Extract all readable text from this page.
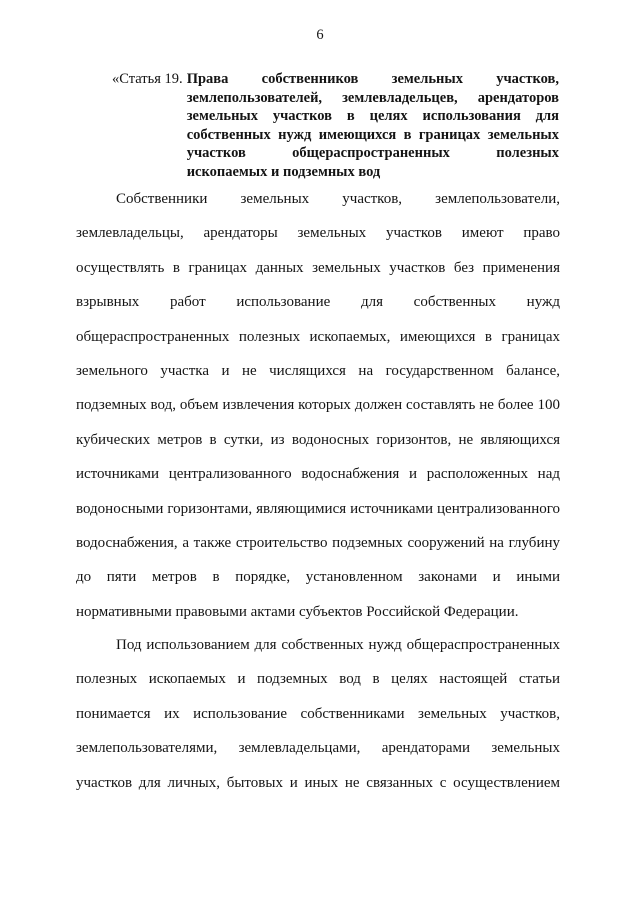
6
«Статья 19. Права собственников земельных участков,
землепользователей, землевладельцев, арендаторов
земельных участков в целях использования для
собственных нужд имеющихся в границах земельных
участков общераспространенных полезных
ископаемых и подземных вод
Собственники земельных участков, землепользователи,
землевладельцы, арендаторы земельных участков имеют право
осуществлять в границах данных земельных участков без применения
взрывных работ использование для собственных нужд
общераспространенных полезных ископаемых, имеющихся в границах
земельного участка и не числящихся на государственном балансе,
подземных вод, объем извлечения которых должен составлять не более 100
кубических метров в сутки, из водоносных горизонтов, не являющихся
источниками централизованного водоснабжения и расположенных над
водоносными горизонтами, являющимися источниками централизованного
водоснабжения, а также строительство подземных сооружений на глубину
до пяти метров в порядке, установленном законами и иными
нормативными правовыми актами субъектов Российской Федерации.
Под использованием для собственных нужд общераспространенных
полезных ископаемых и подземных вод в целях настоящей статьи
понимается их использование собственниками земельных участков,
землепользователями, землевладельцами, арендаторами земельных
участков для личных, бытовых и иных не связанных с осуществлением
